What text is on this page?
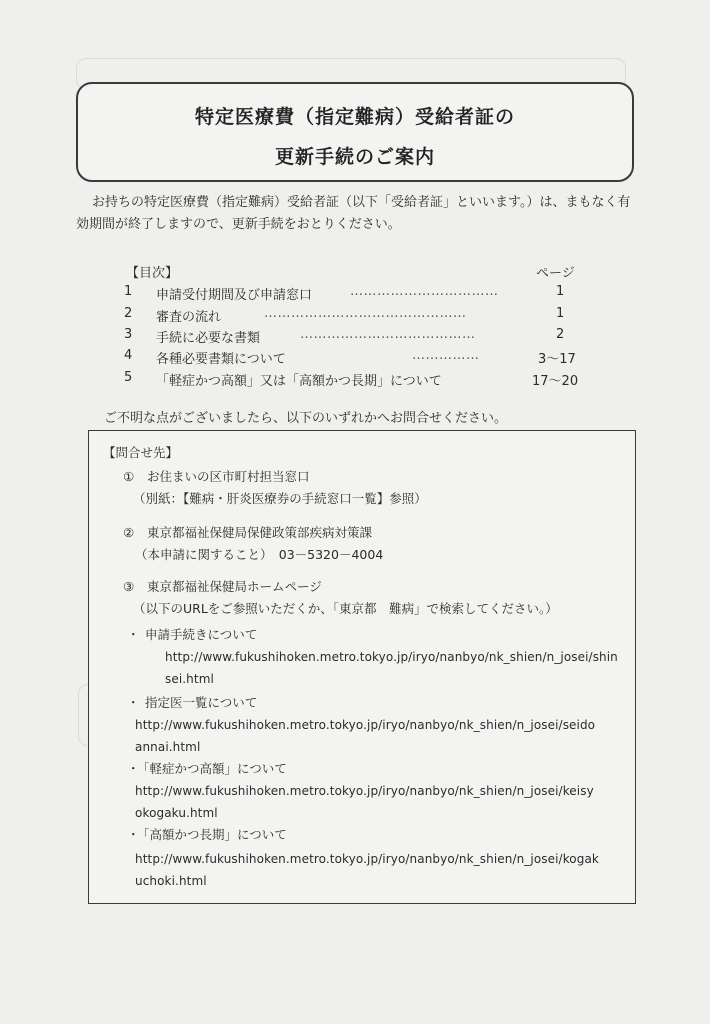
特定医療費（指定難病）受給者証の
更新手続のご案内
お持ちの特定医療費（指定難病）受給者証（以下「受給者証」といいます。）は、まもなく有
効期間が終了しますので、更新手続をおとりください。
【目次】	ページ
1 申請受付期間及び申請窓口	……………………………	1
2 審査の流れ	………………………………………	1
3 手続に必要な書類	…………………………………	2
4 各種必要書類について	……………	3～17
5 「軽症かつ高額」又は「高額かつ長期」について	17～20
ご不明な点がございましたら、以下のいずれかへお問合せください。
【問合せ先】
① お住まいの区市町村担当窓口
（別紙：【難病・肝炎医療券の手続窓口一覧】参照）
② 東京都福祉保健局保健政策部疾病対策課
（本申請に関すること）　03－5320－4004
③ 東京都福祉保健局ホームページ
（以下のURLをご参照いただくか、「東京都　難病」で検索してください。）
・ 申請手続きについて
http://www.fukushihoken.metro.tokyo.jp/iryo/nanbyo/nk_shien/n_josei/shin
sei.html
・ 指定医一覧について
http://www.fukushihoken.metro.tokyo.jp/iryo/nanbyo/nk_shien/n_josei/seido
annai.html
・
「軽症かつ高額」について
http://www.fukushihoken.metro.tokyo.jp/iryo/nanbyo/nk_shien/n_josei/keisy
okogaku.html
・
「高額かつ長期」について
http://www.fukushihoken.metro.tokyo.jp/iryo/nanbyo/nk_shien/n_josei/kogak
uchoki.html
